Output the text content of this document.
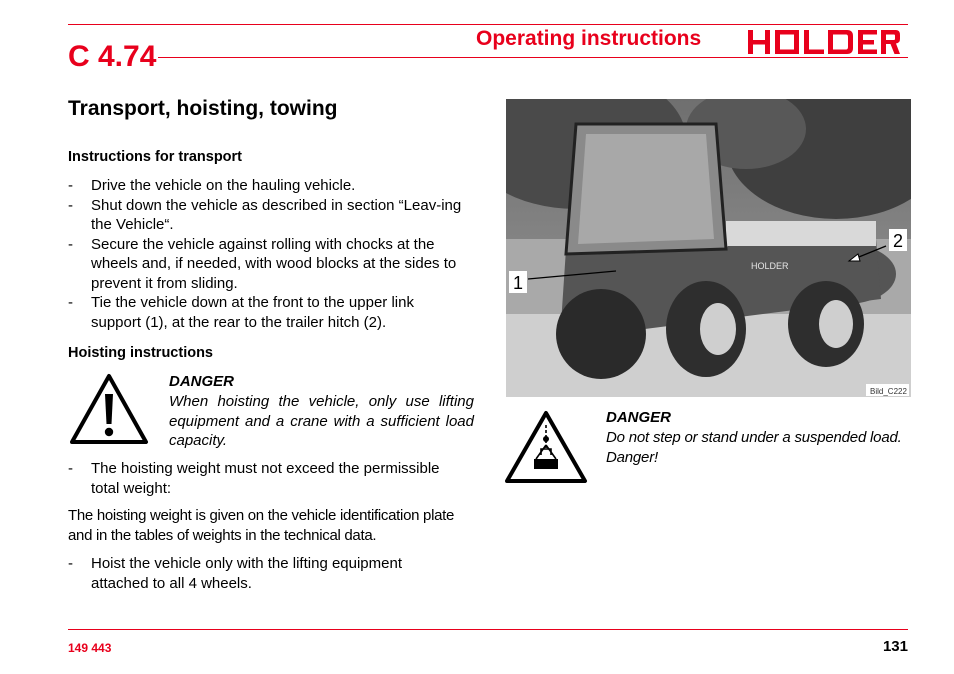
C 4.74
Operating instructions
Transport, hoisting, towing
Instructions for transport
- Drive the vehicle on the hauling vehicle.
- Shut down the vehicle as described in section “Leav-ing the Vehicle“.
- Secure the vehicle against rolling with chocks at the wheels and, if needed, with wood blocks at the sides to prevent it from sliding.
- Tie the vehicle down at the front to the upper link support (1), at the rear to the trailer hitch (2).
Hoisting instructions
DANGER
When hoisting the vehicle, only use lifting equipment and a crane with a sufficient load capacity.
- The hoisting weight must not exceed the permissible total weight:
The hoisting weight is given on the vehicle identification plate and in the tables of weights in the technical data.
- Hoist the vehicle only with the lifting equipment attached to all 4 wheels.
HOLDER
1
2
Bild_C222
DANGER
Do not step or stand under a suspended load. Danger!
149 443	131
